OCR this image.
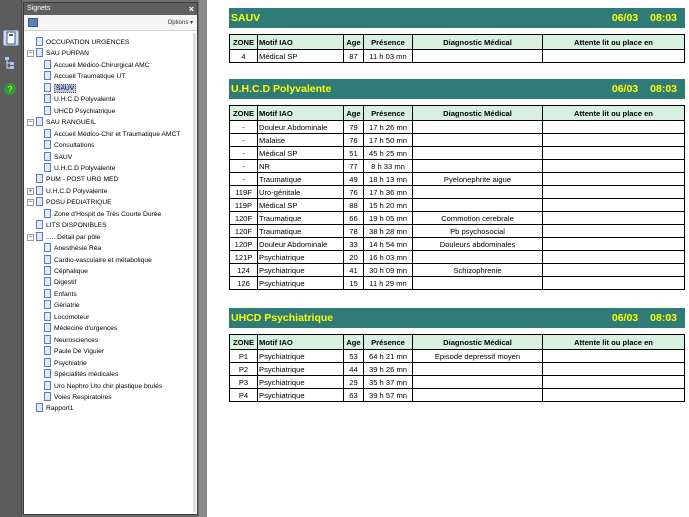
?
Signets	×
Options ▾
OCCUPATION URGENCES
− SAU PURPAN
Accueil Médico-Chirurgical AMC
Accueil Traumatique UT
SAUV
U.H.C.D Polyvalente
UHCD Psychiatrique
− SAU RANGUEIL
Accueil Médico-Chir et Traumatique AMCT
Consultations
SAUV
U.H.C.D Polyvalente
PUM - POST URG MED
+ U.H.C.D Polyvalente
− POSU PEDIATRIQUE
Zone d'Hospit de Très Courte Durée
LITS DISPONIBLES
− ..... Détail par pôle
Anesthésie Réa
Cardio-vasculaire et métabolique
Céphalique
Digestif
Enfants
Gériatrie
Locomoteur
Médecine d'urgences
Neurosciences
Paule De Viguier
Psychiatrie
Spécialités médicales
Uro Nephro Uto chir plastique brulés
Voies Respiratoires
Rapport1
SAUV	06/03 08:03
ZONE	Motif IAO	Age	Présence	Diagnostic Médical	Attente lit ou place en
4	Médical SP	87	11 h 03 mn		
U.H.C.D Polyvalente	06/03 08:03
ZONE	Motif IAO	Age	Présence	Diagnostic Médical	Attente lit ou place en
-	Douleur Abdominale	79	17 h 26 mn		
-	Malaise	76	17 h 50 mn		
-	Médical SP	51	45 h 25 mn		
-	NR	77	8 h 33 mn		
-	Traumatique	49	18 h 13 mn	Pyelonephrite aigue	
119F	Uro-génitale	76	17 h 36 mn		
119P	Médical SP	88	15 h 20 mn		
120F	Traumatique	66	19 h 05 mn	Commotion cerebrale	
120F	Traumatique	78	38 h 28 mn	Pb psychosocial	
120P	Douleur Abdominale	33	14 h 54 mn	Douleurs abdominales	
121P	Psychiatrique	20	16 h 03 mn		
124	Psychiatrique	41	30 h 09 mn	Schizophrenie	
126	Psychiatrique	15	11 h 29 mn		
UHCD Psychiatrique	06/03 08:03
ZONE	Motif IAO	Age	Présence	Diagnostic Médical	Attente lit ou place en
P1	Psychiatrique	53	64 h 21 mn	Episode depressif moyen	
P2	Psychiatrique	44	39 h 26 mn		
P3	Psychiatrique	29	35 h 37 mn		
P4	Psychiatrique	63	39 h 57 mn		
